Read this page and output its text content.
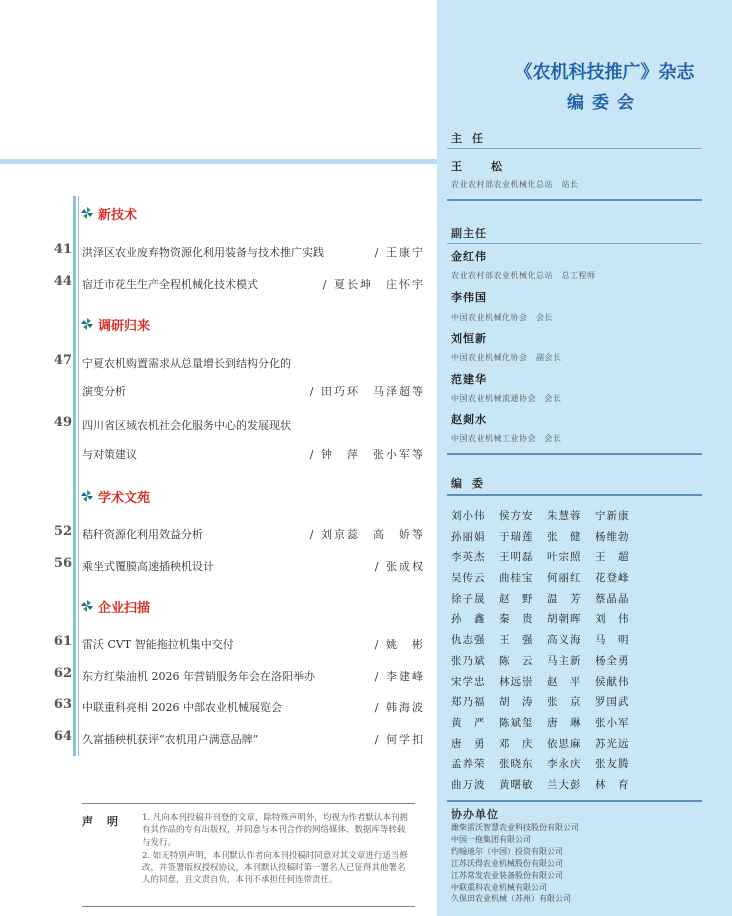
新技术
41 洪泽区农业废弃物资源化利用装备与技术推广实践	/ 王康宁
44 宿迁市花生生产全程机械化技术模式	/ 夏长坤　庄怀宇
调研归来
47 宁夏农机购置需求从总量增长到结构分化的
演变分析	/ 田巧环　马泽超等
49 四川省区域农机社会化服务中心的发展现状
与对策建议	/ 钟　萍　张小军等
学术文苑
52 秸秆资源化利用效益分析	/ 刘京蕊　高　娇等
56 乘坐式覆膜高速插秧机设计	/ 张成权
企业扫描
61 雷沃 CVT 智能拖拉机集中交付	/ 姚　彬
62 东方红柴油机 2026 年营销服务年会在洛阳举办	/ 李建峰
63 中联重科亮相 2026 中部农业机械展览会	/ 韩海波
64 久富插秧机获评“农机用户满意品牌”	/ 何学扣
声明 1. 凡向本刊投稿并刊登的文章，除特殊声明外，均视为作者默认本刊拥有其作品的专有出版权，并同意与本刊合作的网络媒体、数据库等转载与发行。

2. 如无特别声明，本刊默认作者向本刊投稿时同意对其文章进行适当修改，并签署版权授权协议，本刊默认投稿时第一署名人已征得其他署名人的同意，且文责自负，本刊不承担任何连带责任。

《农机科技推广》杂志
编委会
主任
王　松
农业农村部农业机械化总站　站长
副主任
金红伟
农业农村部农业机械化总站　总工程师
李伟国
中国农业机械化协会　会长
刘恒新
中国农业机械化协会　副会长
范建华
中国农业机械流通协会　会长
赵剡水
中国农业机械工业协会　会长
编委
刘小伟	侯方安	朱慧蓉	宁新康
孙丽娟	于瑞莲	张　健	杨维勃
李英杰	王明磊	叶宗照	王　超
吴传云	曲桂宝	何丽红	花登峰
徐子晟	赵　野	温　芳	蔡晶晶
孙　鑫	秦　贵	胡朝晖	刘　伟
仇志强	王　强	高义海	马　明
张乃斌	陈　云	马主新	杨全勇
宋学忠	林远崇	赵　平	侯献伟
郑乃福	胡　涛	张　京	罗国武
黄　严	陈斌玺	唐　琳	张小军
唐　勇	邓　庆	依思麻	苏光远
孟养荣	张晓东	李永庆	张友腾
曲万波	黄曙敏	兰大彭	林　育
协办单位
潍柴雷沃智慧农业科技股份有限公司
中国一拖集团有限公司
约翰迪尔（中国）投资有限公司
江苏沃得农业机械股份有限公司
江苏常发农业装备股份有限公司
中联重科农业机械有限公司
久保田农业机械（苏州）有限公司
